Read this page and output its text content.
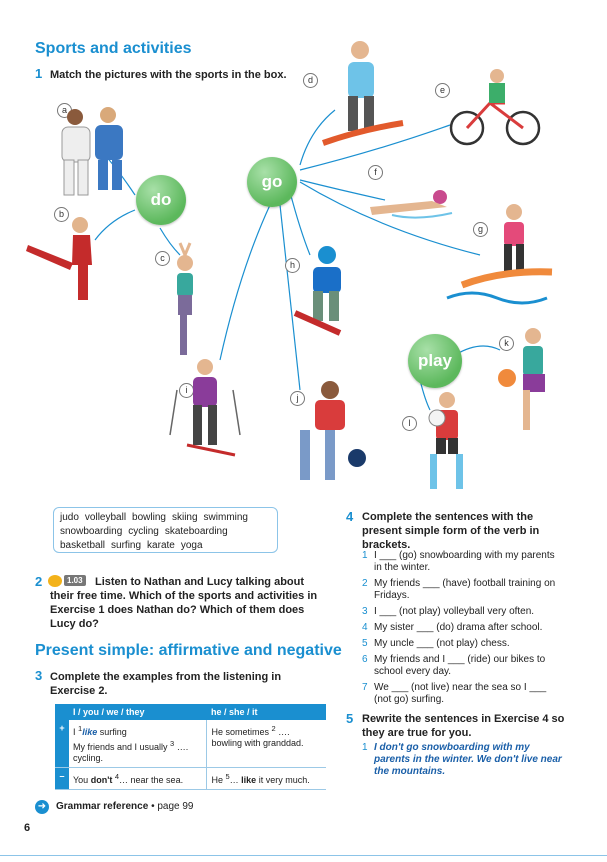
Sports and activities
1 Match the pictures with the sports in the box.
do
go
play
a
b
c
d
e
f
g
h
i
j
k
l
judo volleyball bowling skiing swimming
snowboarding cycling skateboarding
basketball surfing karate yoga
2	1.03	Listen to Nathan and Lucy talking about their free time. Which of the sports and activities in Exercise 1 does Nathan do? Which of them does Lucy do?
Present simple: affirmative and negative
3 Complete the examples from the listening in Exercise 2.
	I / you / we / they	he / she / it
+	I $^1$like surfing
My friends and I usually $^3$ ….
cycling.	He sometimes $^2$ ….
bowling with granddad.
–	You don't $^4$… near the sea.	He $^5$… like it very much.
➜ Grammar reference • page 99
6
4 Complete the sentences with the present simple form of the verb in brackets.
1 I ___ (go) snowboarding with my parents in the winter.
2 My friends ___ (have) football training on Fridays.
3 I ___ (not play) volleyball very often.
4 My sister ___ (do) drama after school.
5 My uncle ___ (not play) chess.
6 My friends and I ___ (ride) our bikes to school every day.
7 We ___ (not live) near the sea so I ___ (not go) surfing.
5 Rewrite the sentences in Exercise 4 so they are true for you.
1 I don't go snowboarding with my parents in the winter. We don't live near the mountains.
